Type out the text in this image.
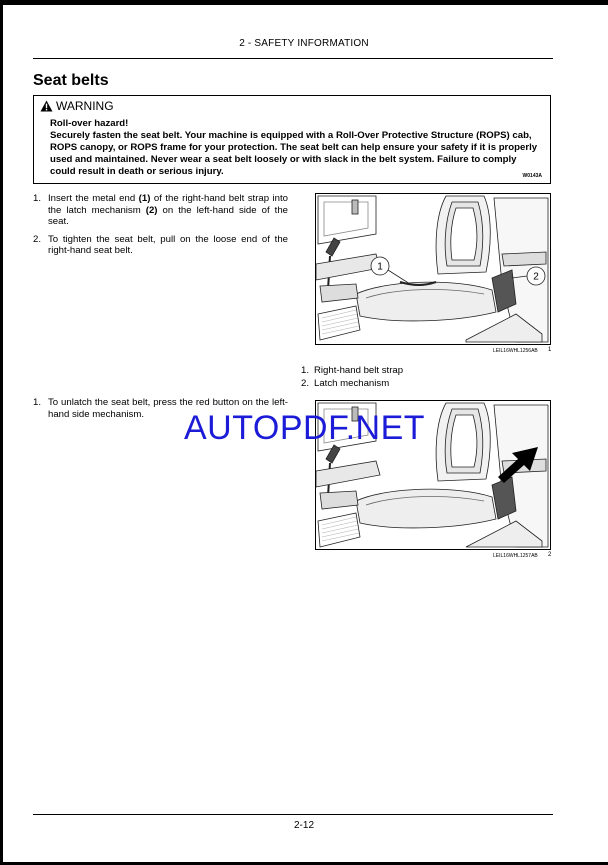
2 - SAFETY INFORMATION
Seat belts
WARNING
Roll-over hazard!
Securely fasten the seat belt. Your machine is equipped with a Roll-Over Protective Structure (ROPS) cab, ROPS canopy, or ROPS frame for your protection. The seat belt can help ensure your safety if it is properly used and maintained. Never wear a seat belt loosely or with slack in the belt system. Failure to comply could result in death or serious injury.	W0143A
1. Insert the metal end (1) of the right-hand belt strap into the latch mechanism (2) on the left-hand side of the seat.
2. To tighten the seat belt, pull on the loose end of the right-hand seat belt.
1
2
LEIL16WHL1256AB 1
1. Right-hand belt strap
2. Latch mechanism
1. To unlatch the seat belt, press the red button on the left-hand side mechanism.
LEIL16WHL1257AB 2
AUTOPDF.NET
2-12
